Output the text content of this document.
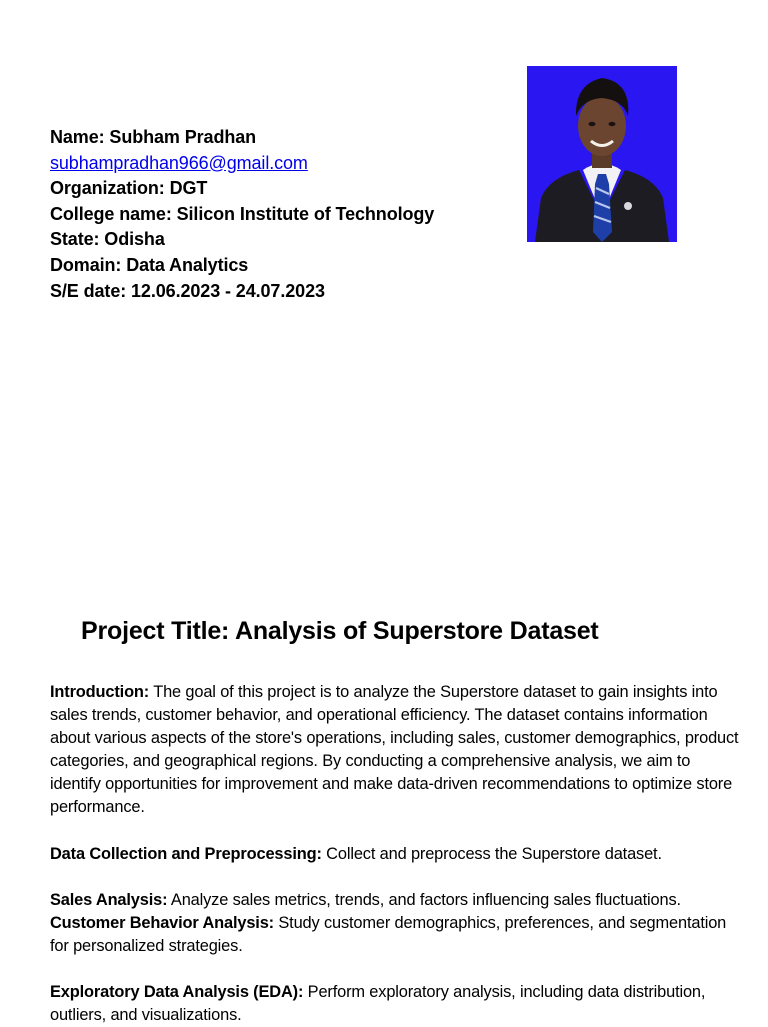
Name: Subham Pradhan
subhampradhan966@gmail.com
Organization: DGT
College name: Silicon Institute of Technology
State: Odisha
Domain: Data Analytics
S/E date: 12.06.2023 - 24.07.2023
Project Title: Analysis of Superstore Dataset

Introduction: The goal of this project is to analyze the Superstore dataset to gain insights into sales trends, customer behavior, and operational efficiency. The dataset contains information about various aspects of the store's operations, including sales, customer demographics, product categories, and geographical regions. By conducting a comprehensive analysis, we aim to identify opportunities for improvement and make data-driven recommendations to optimize store performance.

Data Collection and Preprocessing: Collect and preprocess the Superstore dataset.

Sales Analysis: Analyze sales metrics, trends, and factors influencing sales fluctuations.

Customer Behavior Analysis: Study customer demographics, preferences, and segmentation for personalized strategies.

Exploratory Data Analysis (EDA): Perform exploratory analysis, including data distribution, outliers, and visualizations.
